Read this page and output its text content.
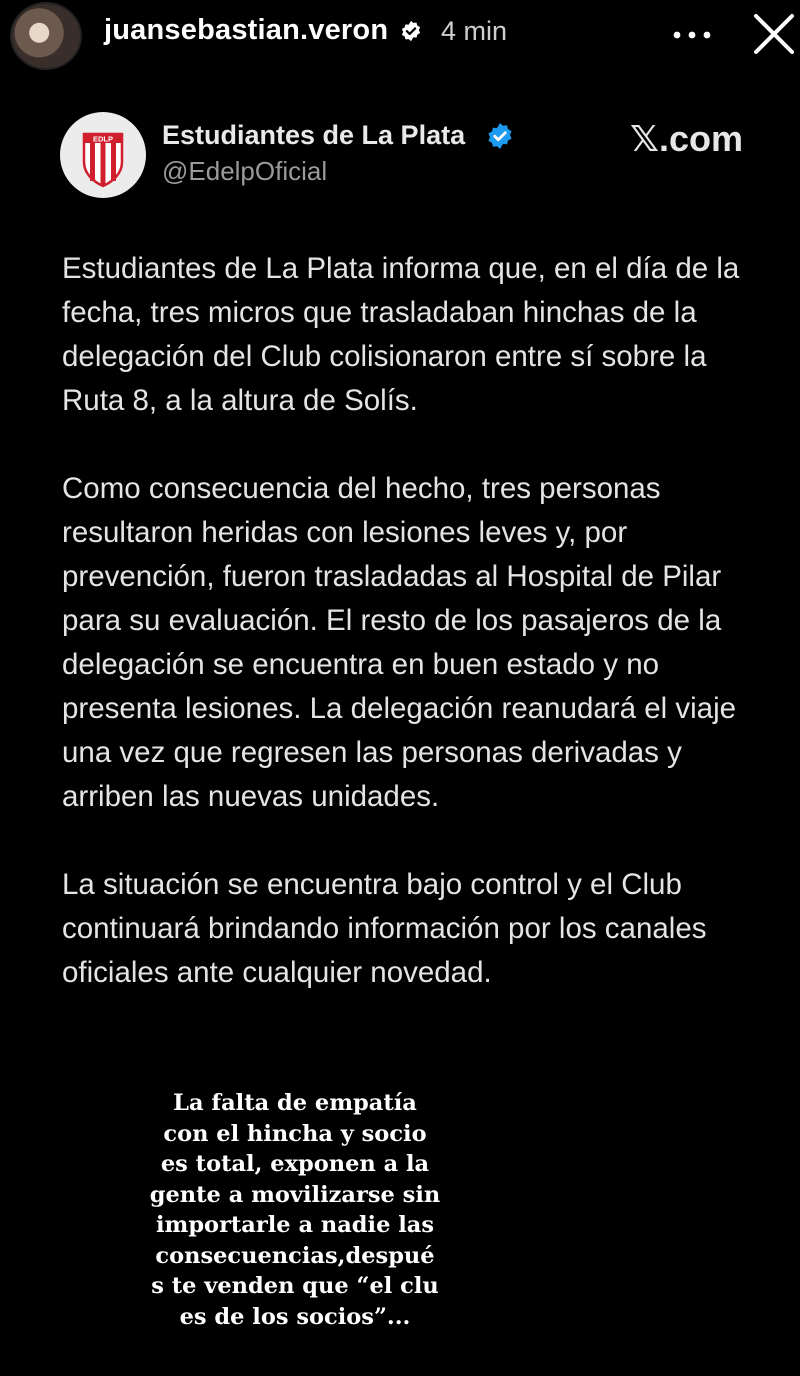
juansebastian.veron 4 min
EDLP Estudiantes de La Plata
@EdelpOficial
𝕏.com

Estudiantes de La Plata informa que, en el día de la fecha, tres micros que trasladaban hinchas de la delegación del Club colisionaron entre sí sobre la Ruta 8, a la altura de Solís.

Como consecuencia del hecho, tres personas resultaron heridas con lesiones leves y, por prevención, fueron trasladadas al Hospital de Pilar para su evaluación. El resto de los pasajeros de la delegación se encuentra en buen estado y no presenta lesiones. La delegación reanudará el viaje una vez que regresen las personas derivadas y arriben las nuevas unidades.

La situación se encuentra bajo control y el Club continuará brindando información por los canales oficiales ante cualquier novedad.

La falta de empatía
con el hincha y socio
es total, exponen a la
gente a movilizarse sin
importarle a nadie las
consecuencias,despué
s te venden que “el clu
es de los socios”...
